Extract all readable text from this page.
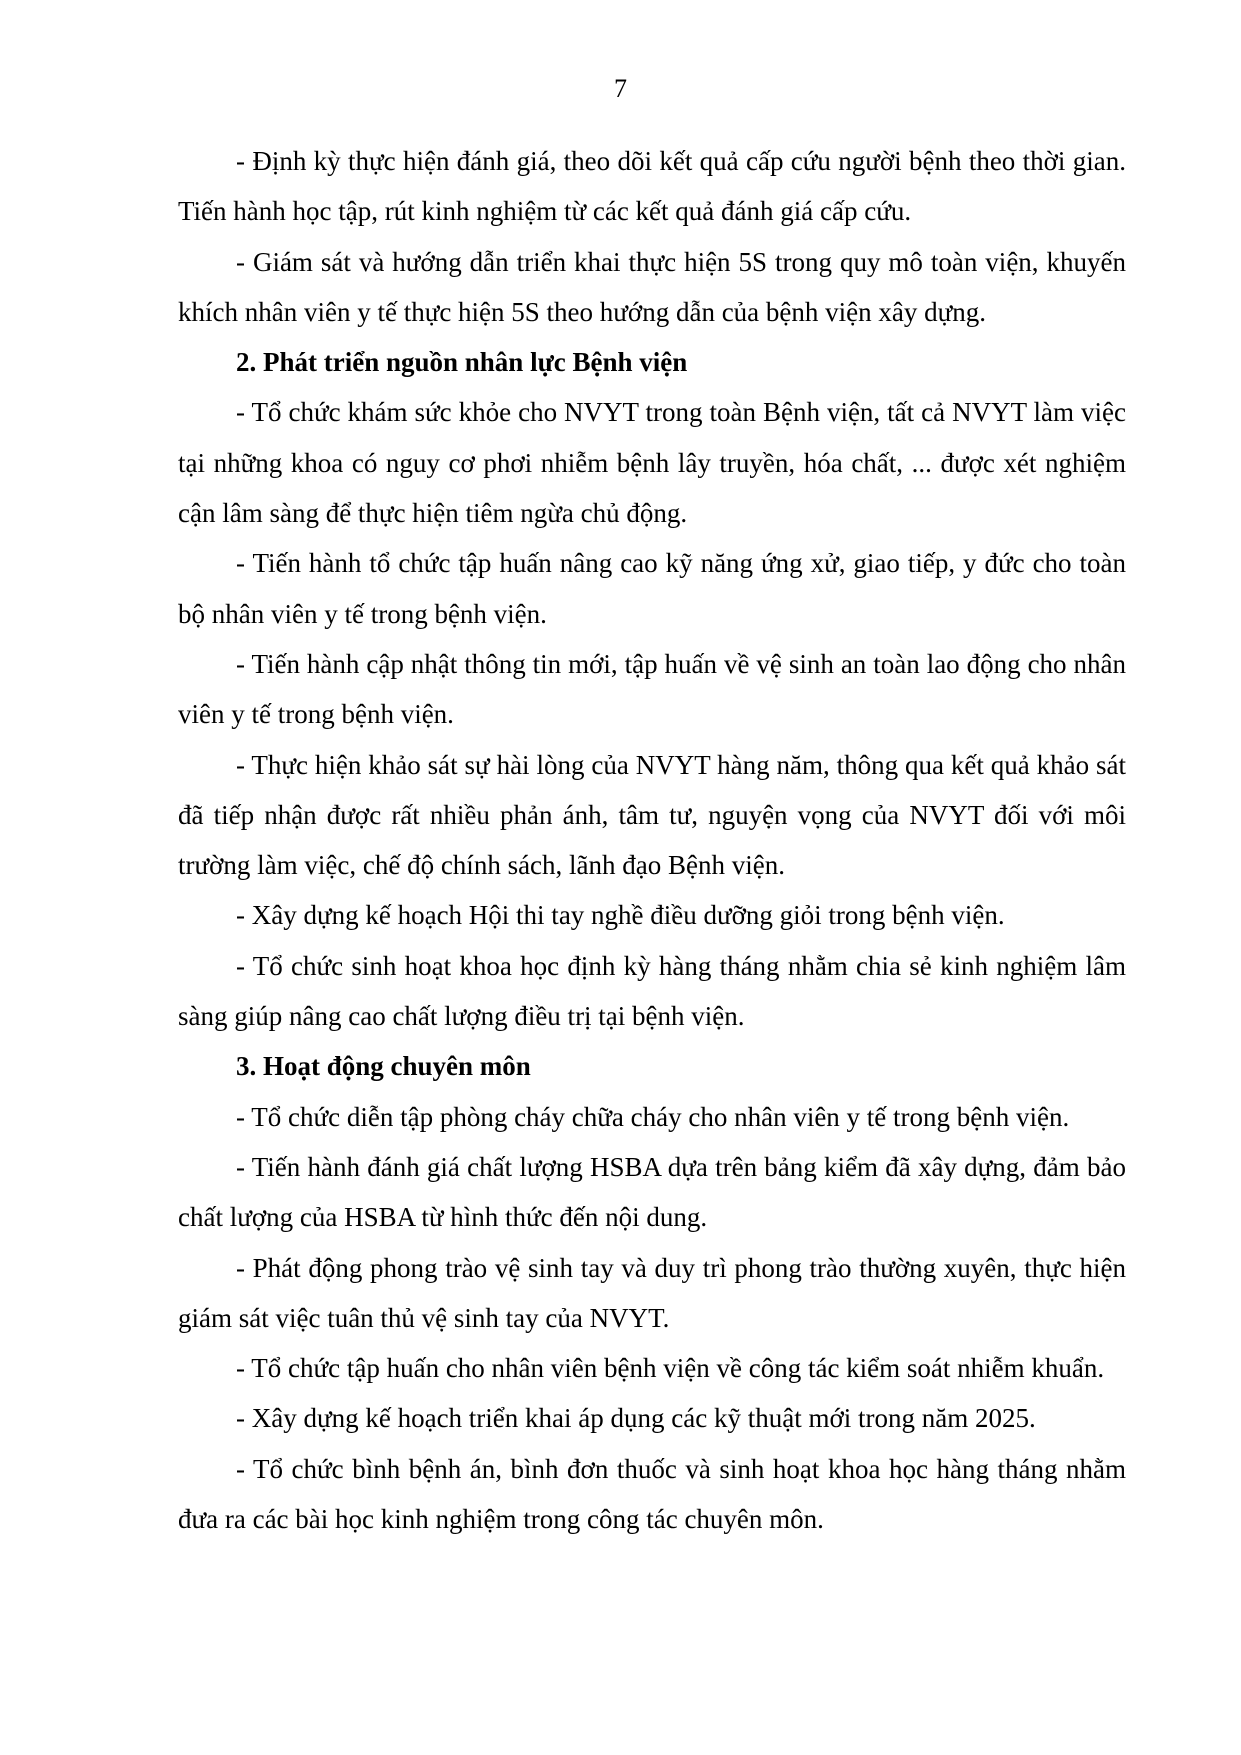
7

- Định kỳ thực hiện đánh giá, theo dõi kết quả cấp cứu người bệnh theo thời gian. Tiến hành học tập, rút kinh nghiệm từ các kết quả đánh giá cấp cứu.

- Giám sát và hướng dẫn triển khai thực hiện 5S trong quy mô toàn viện, khuyến khích nhân viên y tế thực hiện 5S theo hướng dẫn của bệnh viện xây dựng.

2. Phát triển nguồn nhân lực Bệnh viện

- Tổ chức khám sức khỏe cho NVYT trong toàn Bệnh viện, tất cả NVYT làm việc tại những khoa có nguy cơ phơi nhiễm bệnh lây truyền, hóa chất, ... được xét nghiệm cận lâm sàng để thực hiện tiêm ngừa chủ động.

- Tiến hành tổ chức tập huấn nâng cao kỹ năng ứng xử, giao tiếp, y đức cho toàn bộ nhân viên y tế trong bệnh viện.

- Tiến hành cập nhật thông tin mới, tập huấn về vệ sinh an toàn lao động cho nhân viên y tế trong bệnh viện.

- Thực hiện khảo sát sự hài lòng của NVYT hàng năm, thông qua kết quả khảo sát đã tiếp nhận được rất nhiều phản ánh, tâm tư, nguyện vọng của NVYT đối với môi trường làm việc, chế độ chính sách, lãnh đạo Bệnh viện.

- Xây dựng kế hoạch Hội thi tay nghề điều dưỡng giỏi trong bệnh viện.

- Tổ chức sinh hoạt khoa học định kỳ hàng tháng nhằm chia sẻ kinh nghiệm lâm sàng giúp nâng cao chất lượng điều trị tại bệnh viện.

3. Hoạt động chuyên môn

- Tổ chức diễn tập phòng cháy chữa cháy cho nhân viên y tế trong bệnh viện.

- Tiến hành đánh giá chất lượng HSBA dựa trên bảng kiểm đã xây dựng, đảm bảo chất lượng của HSBA từ hình thức đến nội dung.

- Phát động phong trào vệ sinh tay và duy trì phong trào thường xuyên, thực hiện giám sát việc tuân thủ vệ sinh tay của NVYT.

- Tổ chức tập huấn cho nhân viên bệnh viện về công tác kiểm soát nhiễm khuẩn.

- Xây dựng kế hoạch triển khai áp dụng các kỹ thuật mới trong năm 2025.

- Tổ chức bình bệnh án, bình đơn thuốc và sinh hoạt khoa học hàng tháng nhằm đưa ra các bài học kinh nghiệm trong công tác chuyên môn.
